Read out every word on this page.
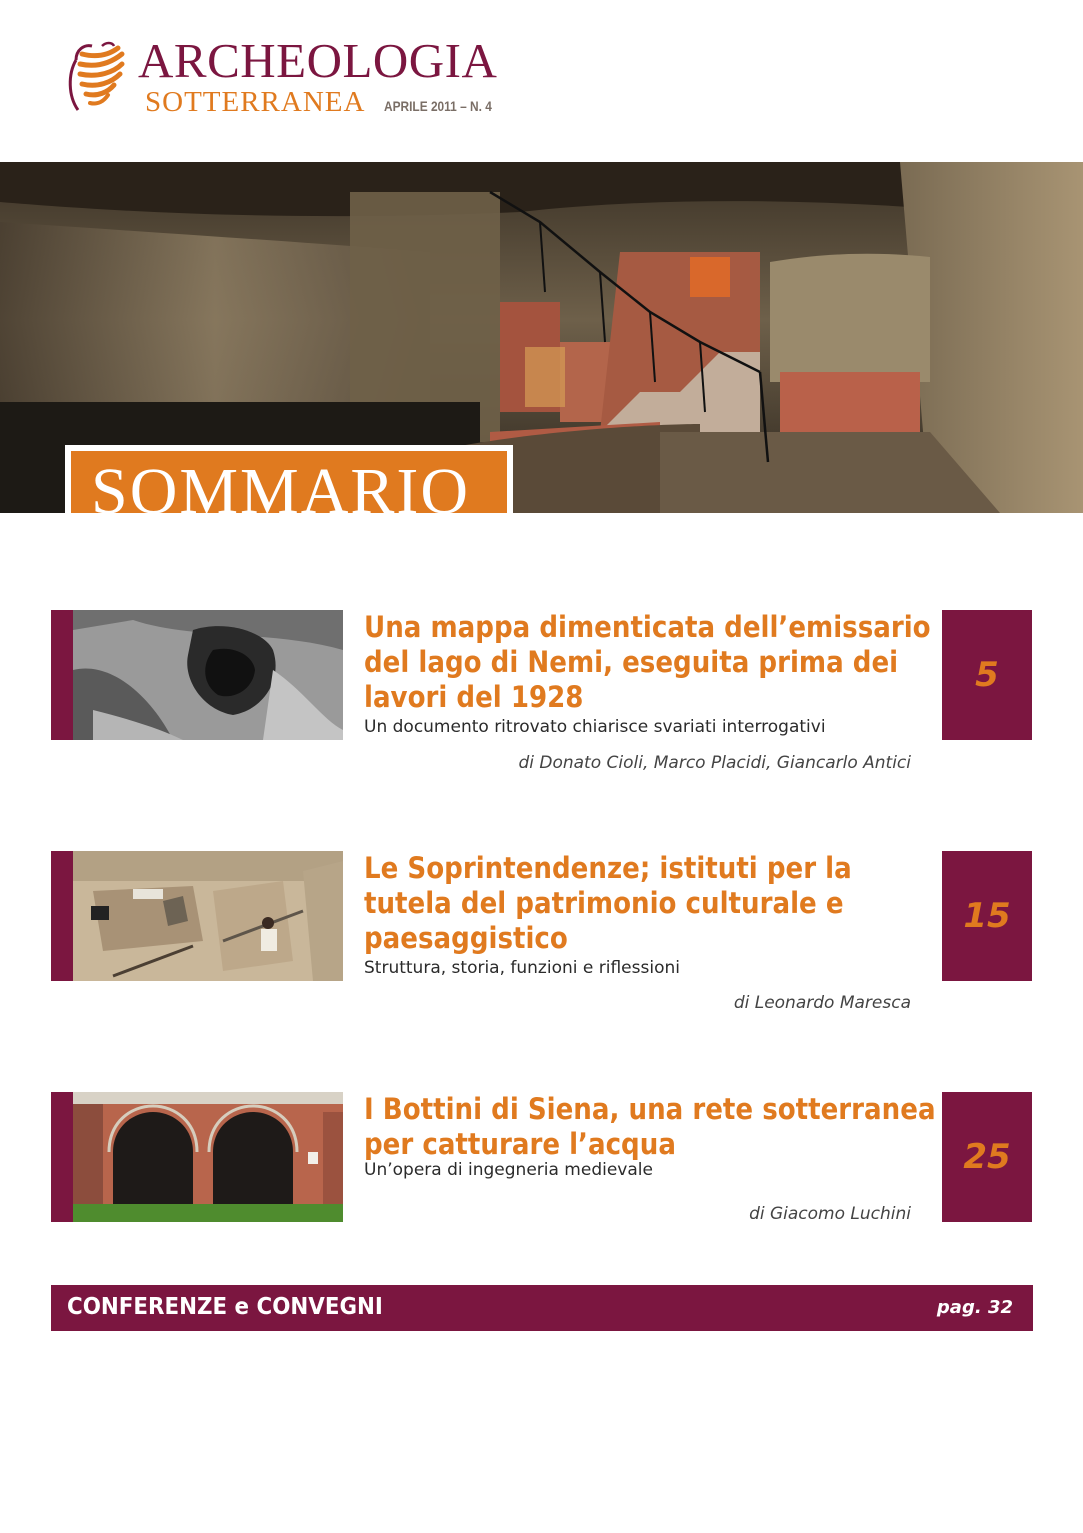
ARCHEOLOGIA
SOTTERRANEA APRILE 2011 – N. 4
SOMMARIO
Una mappa dimenticata dell’emissario
del lago di Nemi, eseguita prima dei
lavori del 1928
Un documento ritrovato chiarisce svariati interrogativi
di Donato Cioli, Marco Placidi, Giancarlo Antici
5
Le Soprintendenze; istituti per la
tutela del patrimonio culturale e
paesaggistico
Struttura, storia, funzioni e riflessioni
di Leonardo Maresca
15
I Bottini di Siena, una rete sotterranea
per catturare l’acqua
Un’opera di ingegneria medievale
di Giacomo Luchini
25
CONFERENZE e CONVEGNI	pag. 32
